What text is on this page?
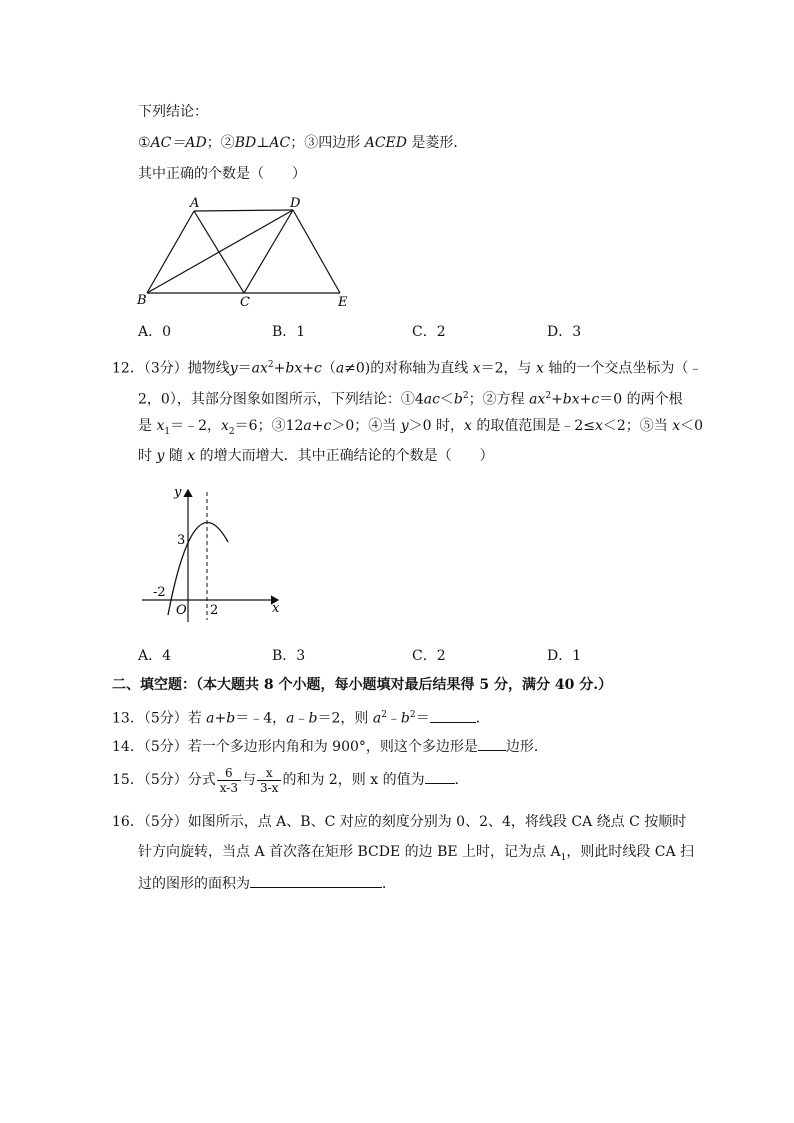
下列结论：
①AC＝AD；②BD⊥AC；③四边形 ACED 是菱形．
其中正确的个数是（　　）
A	D
B	C	E
A．0	B．1	C．2	D．3
12．（3分）抛物线$y=ax^2+bx+c(a\ne 0)$的对称轴为直线 x＝2，与 x 轴的一个交点坐标为（﹣
2，0），其部分图象如图所示，下列结论：$①4ac<b^2$；②方程 $ax^2+bx+c=0$ 的两个根
是 $x_1=﹣2$，$x_2=6$；③12a+c＞0；④当 y＞0 时，x 的取值范围是﹣2≤x＜2；⑤当 x＜0
时 y 随 x 的增大而增大．其中正确结论的个数是（　　）
y
x
3
-2
O 2
A．4	B．3	C．2	D．1
二、填空题：（本大题共 8 个小题，每小题填对最后结果得 5 分，满分 40 分.）
13．（5分）若 a+b＝﹣4，a﹣b＝2，则 $a^2﹣b^2=$	．
14．（5分）若一个多边形内角和为 900°，则这个多边形是 边形．
15．（5分）分式 $\frac{6}{x-3}$ 与 $\frac{x}{3-x}$ 的和为 2，则 x 的值为 ．
16．（5分）如图所示，点 A、B、C 对应的刻度分别为 0、2、4，将线段 CA 绕点 C 按顺时
针方向旋转，当点 A 首次落在矩形 BCDE 的边 BE 上时，记为点 $A_1$，则此时线段 CA 扫
过的图形的面积为	．
